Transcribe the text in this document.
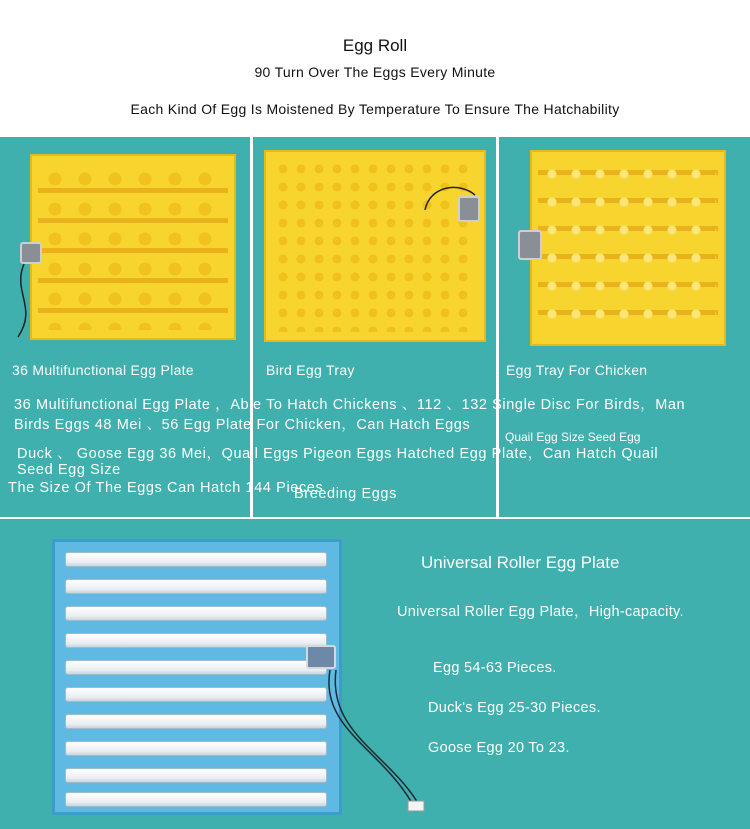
Egg Roll
90 Turn Over The Eggs Every Minute
Each Kind Of Egg Is Moistened By Temperature To Ensure The Hatchability
36 Multifunctional Egg Plate	Bird Egg Tray	Egg Tray For Chicken
36 Multifunctional Egg Plate ，Able To Hatch Chickens 、112 、132 Single Disc For Birds，Man
Birds Eggs 48 Mei 、56 Egg Plate For Chicken，Can Hatch Eggs
Quail Egg Size Seed Egg
Duck 、 Goose Egg 36 Mei，Quail Eggs Pigeon Eggs Hatched Egg Plate，Can Hatch Quail
Seed Egg Size
The Size Of The Eggs Can Hatch 144 Pieces
Breeding Eggs
Universal Roller Egg Plate
Universal Roller Egg Plate，High-capacity.
Egg 54-63 Pieces.
Duck's Egg 25-30 Pieces.
Goose Egg 20 To 23.
